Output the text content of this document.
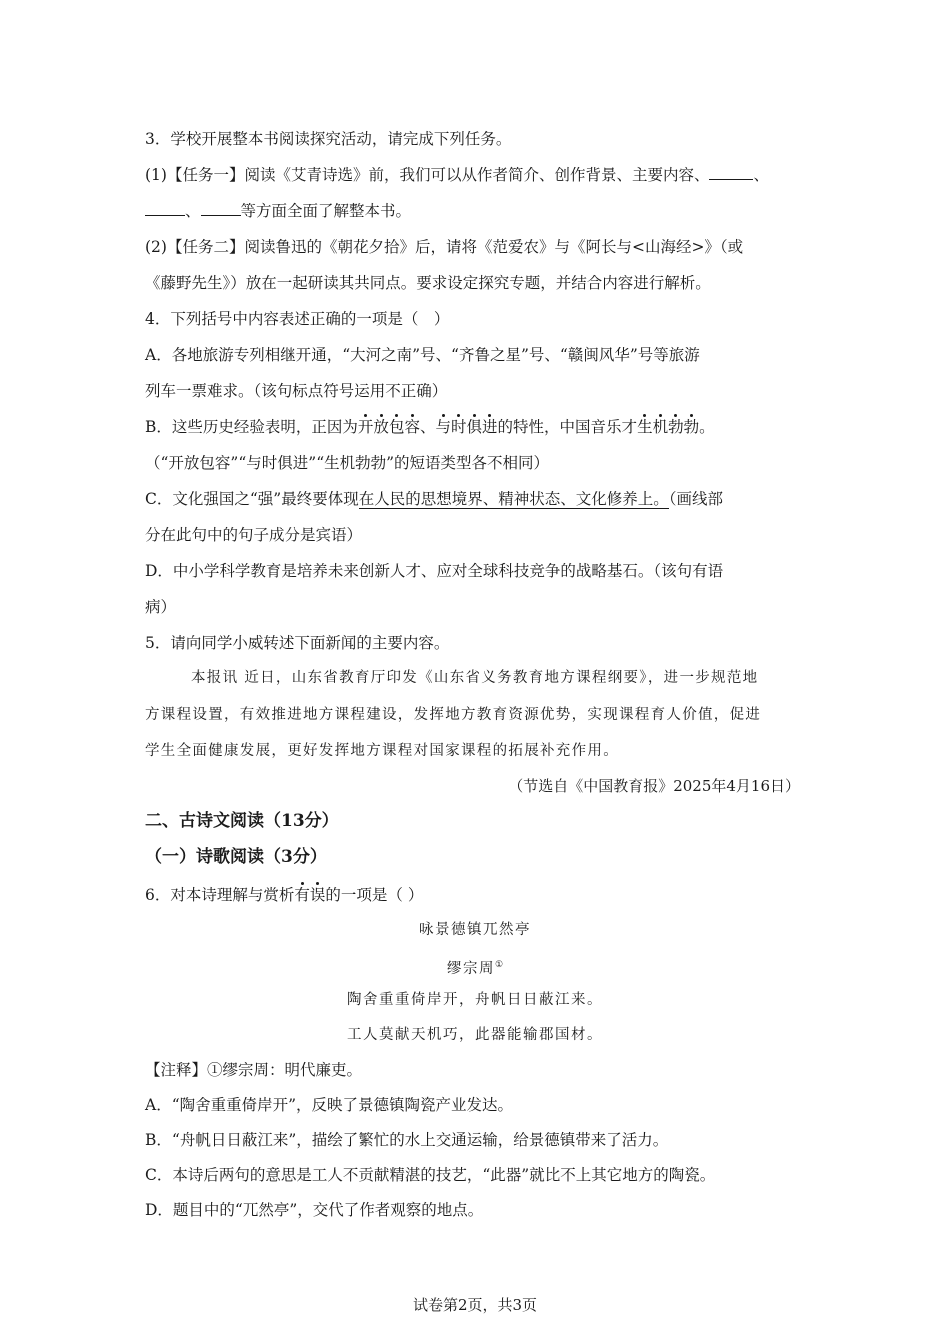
3．学校开展整本书阅读探究活动，请完成下列任务。
(1)【任务一】阅读《艾青诗选》前，我们可以从作者简介、创作背景、主要内容、	、
、	等方面全面了解整本书。
(2)【任务二】阅读鲁迅的《朝花夕拾》后，请将《范爱农》与《阿长与<山海经>》（或
《藤野先生》）放在一起研读其共同点。要求设定探究专题，并结合内容进行解析。
4．下列括号中内容表述正确的一项是（　）
A．各地旅游专列相继开通，“大河之南”号、“齐鲁之星”号、“赣闽风华”号等旅游
列车一票难求。（该句标点符号运用不正确）
B．这些历史经验表明，正因为开放包容、与时俱进的特性，中国音乐才生机勃勃。
（“开放包容”“与时俱进”“生机勃勃”的短语类型各不相同）
C．文化强国之“强”最终要体现在人民的思想境界、精神状态、文化修养上。（画线部
分在此句中的句子成分是宾语）
D．中小学科学教育是培养未来创新人才、应对全球科技竞争的战略基石。（该句有语
病）
5．请向同学小威转述下面新闻的主要内容。
本报讯 近日，山东省教育厅印发《山东省义务教育地方课程纲要》，进一步规范地
方课程设置，有效推进地方课程建设，发挥地方教育资源优势，实现课程育人价值，促进
学生全面健康发展，更好发挥地方课程对国家课程的拓展补充作用。
（节选自《中国教育报》2025年4月16日）
二、古诗文阅读（13分）
（一）诗歌阅读（3分）
6．对本诗理解与赏析有误的一项是（ ）
咏景德镇兀然亭
缪宗周①
陶舍重重倚岸开，舟帆日日蔽江来。
工人莫献天机巧，此器能输郡国材。
【注释】①缪宗周：明代廉吏。
A．“陶舍重重倚岸开”，反映了景德镇陶瓷产业发达。
B．“舟帆日日蔽江来”，描绘了繁忙的水上交通运输，给景德镇带来了活力。
C．本诗后两句的意思是工人不贡献精湛的技艺，“此器”就比不上其它地方的陶瓷。
D．题目中的“兀然亭”，交代了作者观察的地点。
试卷第2页，共3页
